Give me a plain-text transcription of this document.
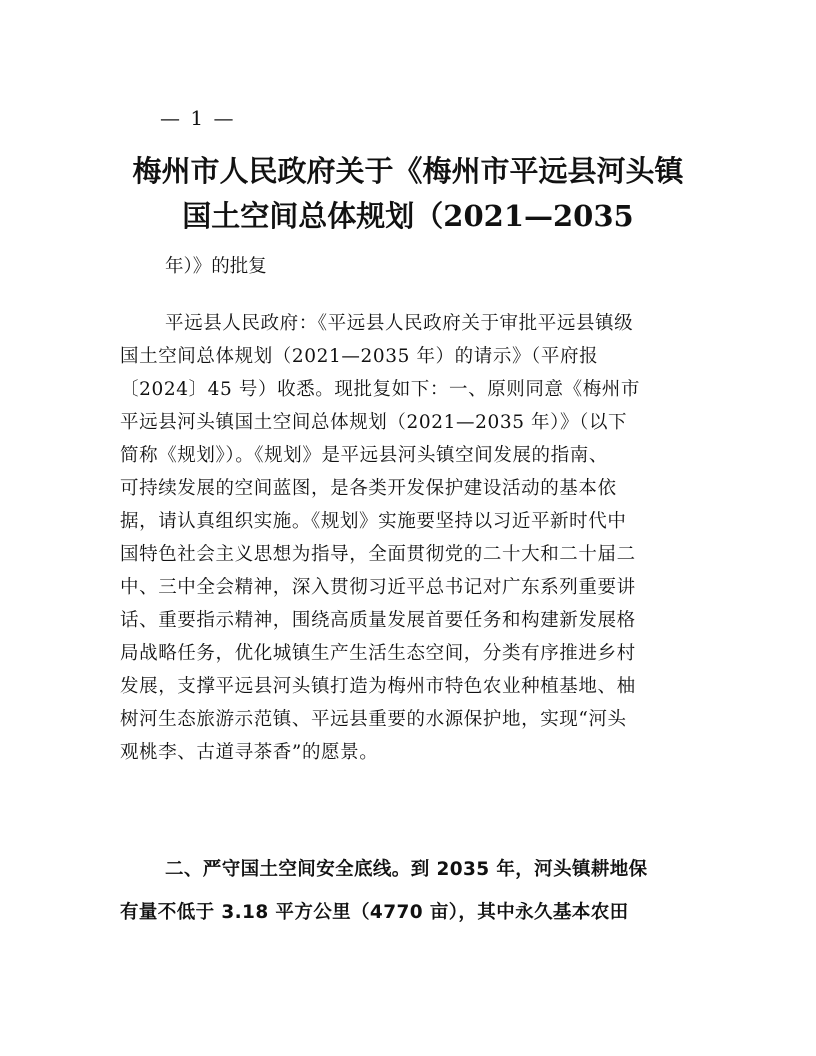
— 1 —
梅州市人民政府关于《梅州市平远县河头镇
国土空间总体规划（2021—2035
年）》的批复
平远县人民政府：《平远县人民政府关于审批平远县镇级
国土空间总体规划（2021—2035 年）的请示》（平府报
〔2024〕45 号）收悉。现批复如下：一、原则同意《梅州市
平远县河头镇国土空间总体规划（2021—2035 年）》（以下
简称《规划》）。《规划》是平远县河头镇空间发展的指南、
可持续发展的空间蓝图，是各类开发保护建设活动的基本依
据，请认真组织实施。《规划》实施要坚持以习近平新时代中
国特色社会主义思想为指导，全面贯彻党的二十大和二十届二
中、三中全会精神，深入贯彻习近平总书记对广东系列重要讲
话、重要指示精神，围绕高质量发展首要任务和构建新发展格
局战略任务，优化城镇生产生活生态空间，分类有序推进乡村
发展，支撑平远县河头镇打造为梅州市特色农业种植基地、柚
树河生态旅游示范镇、平远县重要的水源保护地，实现“河头
观桃李、古道寻茶香”的愿景。
二、严守国土空间安全底线。到 2035 年，河头镇耕地保
有量不低于 3.18 平方公里（4770 亩），其中永久基本农田
